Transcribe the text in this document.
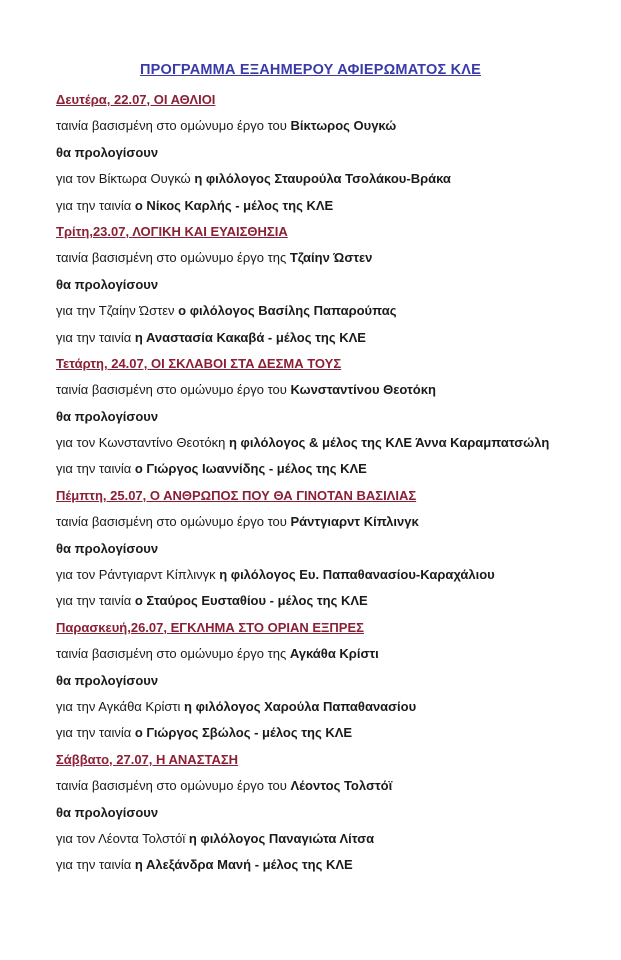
ΠΡΟΓΡΑΜΜΑ ΕΞΑΗΜΕΡΟΥ ΑΦΙΕΡΩΜΑΤΟΣ ΚΛΕ
Δευτέρα, 22.07, ΟΙ ΑΘΛΙΟΙ
ταινία βασισμένη στο ομώνυμο έργο του Βίκτωρος Ουγκώ
θα προλογίσουν
για τον Βίκτωρα Ουγκώ η φιλόλογος Σταυρούλα Τσολάκου-Βράκα
για την ταινία ο Νίκος Καρλής - μέλος της ΚΛΕ
Τρίτη,23.07, ΛΟΓΙΚΗ ΚΑΙ ΕΥΑΙΣΘΗΣΙΑ
ταινία βασισμένη στο ομώνυμο έργο της Τζαίην Ώστεν
θα προλογίσουν
για την Τζαίην Ώστεν ο φιλόλογος Βασίλης Παπαρούπας
για την ταινία η Αναστασία Κακαβά - μέλος της ΚΛΕ
Τετάρτη, 24.07, ΟΙ ΣΚΛΑΒΟΙ ΣΤΑ ΔΕΣΜΑ ΤΟΥΣ
ταινία βασισμένη στο ομώνυμο έργο του Κωνσταντίνου Θεοτόκη
θα προλογίσουν
για τον Κωνσταντίνο Θεοτόκη η φιλόλογος & μέλος της ΚΛΕ Άννα Καραμπατσώλη
για την ταινία ο Γιώργος Ιωαννίδης - μέλος της ΚΛΕ
Πέμπτη, 25.07, Ο ΑΝΘΡΩΠΟΣ ΠΟΥ ΘΑ ΓΙΝΟΤΑΝ ΒΑΣΙΛΙΑΣ
ταινία βασισμένη στο ομώνυμο έργο του Ράντγιαρντ Κίπλινγκ
θα προλογίσουν
για τον Ράντγιαρντ Κίπλινγκ η φιλόλογος Ευ. Παπαθανασίου-Καραχάλιου
για την ταινία ο Σταύρος Ευσταθίου - μέλος της ΚΛΕ
Παρασκευή,26.07, ΕΓΚΛΗΜΑ ΣΤΟ ΟΡΙΑΝ ΕΞΠΡΕΣ
ταινία βασισμένη στο ομώνυμο έργο της Αγκάθα Κρίστι
θα προλογίσουν
για την Αγκάθα Κρίστι η φιλόλογος Χαρούλα Παπαθανασίου
για την ταινία ο Γιώργος Σβώλος - μέλος της ΚΛΕ
Σάββατο, 27.07, Η ΑΝΑΣΤΑΣΗ
ταινία βασισμένη στο ομώνυμο έργο του Λέοντος Τολστόϊ
θα προλογίσουν
για τον Λέοντα Τολστόϊ η φιλόλογος Παναγιώτα Λίτσα
για την ταινία η Αλεξάνδρα Μανή - μέλος της ΚΛΕ
